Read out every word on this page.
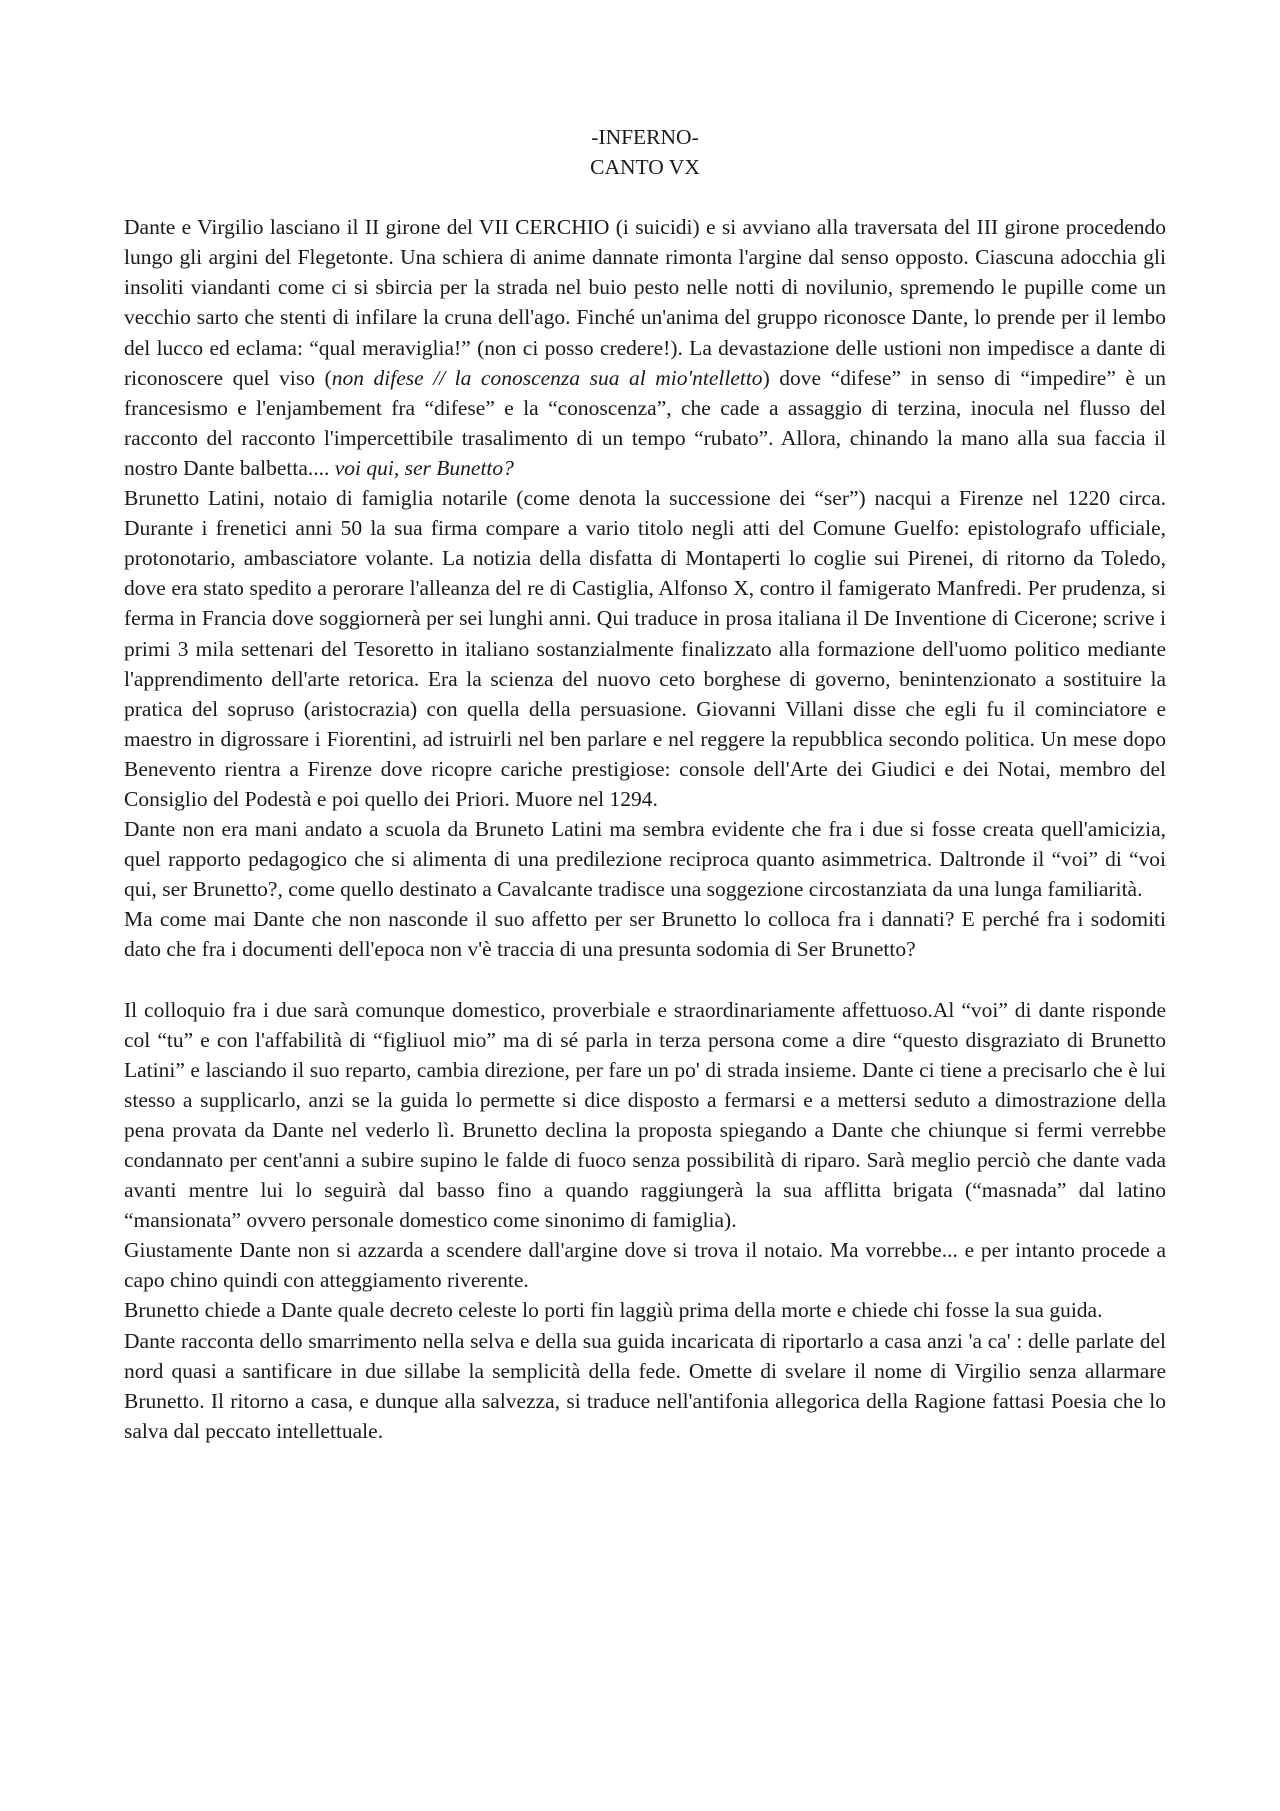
-INFERNO-

CANTO VX

Dante e Virgilio lasciano il II girone del VII CERCHIO (i suicidi) e si avviano alla traversata del III girone procedendo lungo gli argini del Flegetonte. Una schiera di anime dannate rimonta l'argine dal senso opposto. Ciascuna adocchia gli insoliti viandanti come ci si sbircia per la strada nel buio pesto nelle notti di novilunio, spremendo le pupille come un vecchio sarto che stenti di infilare la cruna dell'ago. Finché un'anima del gruppo riconosce Dante, lo prende per il lembo del lucco ed eclama: “qual meraviglia!” (non ci posso credere!). La devastazione delle ustioni non impedisce a dante di riconoscere quel viso (non difese // la conoscenza sua al mio'ntelletto) dove “difese” in senso di “impedire” è un francesismo e l'enjambement fra “difese” e la “conoscenza”, che cade a assaggio di terzina, inocula nel flusso del racconto del racconto l'impercettibile trasalimento di un tempo “rubato”. Allora, chinando la mano alla sua faccia il nostro Dante balbetta.... voi qui, ser Bunetto?

Brunetto Latini, notaio di famiglia notarile (come denota la successione dei “ser”) nacqui a Firenze nel 1220 circa. Durante i frenetici anni 50 la sua firma compare a vario titolo negli atti del Comune Guelfo: epistolografo ufficiale, protonotario, ambasciatore volante. La notizia della disfatta di Montaperti lo coglie sui Pirenei, di ritorno da Toledo, dove era stato spedito a perorare l'alleanza del re di Castiglia, Alfonso X, contro il famigerato Manfredi. Per prudenza, si ferma in Francia dove soggiornerà per sei lunghi anni. Qui traduce in prosa italiana il De Inventione di Cicerone; scrive i primi 3 mila settenari del Tesoretto in italiano sostanzialmente finalizzato alla formazione dell'uomo politico mediante l'apprendimento dell'arte retorica. Era la scienza del nuovo ceto borghese di governo, benintenzionato a sostituire la pratica del sopruso (aristocrazia) con quella della persuasione. Giovanni Villani disse che egli fu il cominciatore e maestro in digrossare i Fiorentini, ad istruirli nel ben parlare e nel reggere la repubblica secondo politica. Un mese dopo Benevento rientra a Firenze dove ricopre cariche prestigiose: console dell'Arte dei Giudici e dei Notai, membro del Consiglio del Podestà e poi quello dei Priori. Muore nel 1294.

Dante non era mani andato a scuola da Bruneto Latini ma sembra evidente che fra i due si fosse creata quell'amicizia, quel rapporto pedagogico che si alimenta di una predilezione reciproca quanto asimmetrica. Daltronde il “voi” di “voi qui, ser Brunetto?, come quello destinato a Cavalcante tradisce una soggezione circostanziata da una lunga familiarità.

Ma come mai Dante che non nasconde il suo affetto per ser Brunetto lo colloca fra i dannati? E perché fra i sodomiti dato che fra i documenti dell'epoca non v'è traccia di una presunta sodomia di Ser Brunetto?

Il colloquio fra i due sarà comunque domestico, proverbiale e straordinariamente affettuoso.Al “voi” di dante risponde col “tu” e con l'affabilità di “figliuol mio” ma di sé parla in terza persona come a dire “questo disgraziato di Brunetto Latini” e lasciando il suo reparto, cambia direzione, per fare un po' di strada insieme. Dante ci tiene a precisarlo che è lui stesso a supplicarlo, anzi se la guida lo permette si dice disposto a fermarsi e a mettersi seduto a dimostrazione della pena provata da Dante nel vederlo lì. Brunetto declina la proposta spiegando a Dante che chiunque si fermi verrebbe condannato per cent'anni a subire supino le falde di fuoco senza possibilità di riparo. Sarà meglio perciò che dante vada avanti mentre lui lo seguirà dal basso fino a quando raggiungerà la sua afflitta brigata (“masnada” dal latino “mansionata” ovvero personale domestico come sinonimo di famiglia).

Giustamente Dante non si azzarda a scendere dall'argine dove si trova il notaio. Ma vorrebbe... e per intanto procede a capo chino quindi con atteggiamento riverente.

Brunetto chiede a Dante quale decreto celeste lo porti fin laggiù prima della morte e chiede chi fosse la sua guida.

Dante racconta dello smarrimento nella selva e della sua guida incaricata di riportarlo a casa anzi 'a ca' : delle parlate del nord quasi a santificare in due sillabe la semplicità della fede. Omette di svelare il nome di Virgilio senza allarmare Brunetto. Il ritorno a casa, e dunque alla salvezza, si traduce nell'antifonia allegorica della Ragione fattasi Poesia che lo salva dal peccato intellettuale.
